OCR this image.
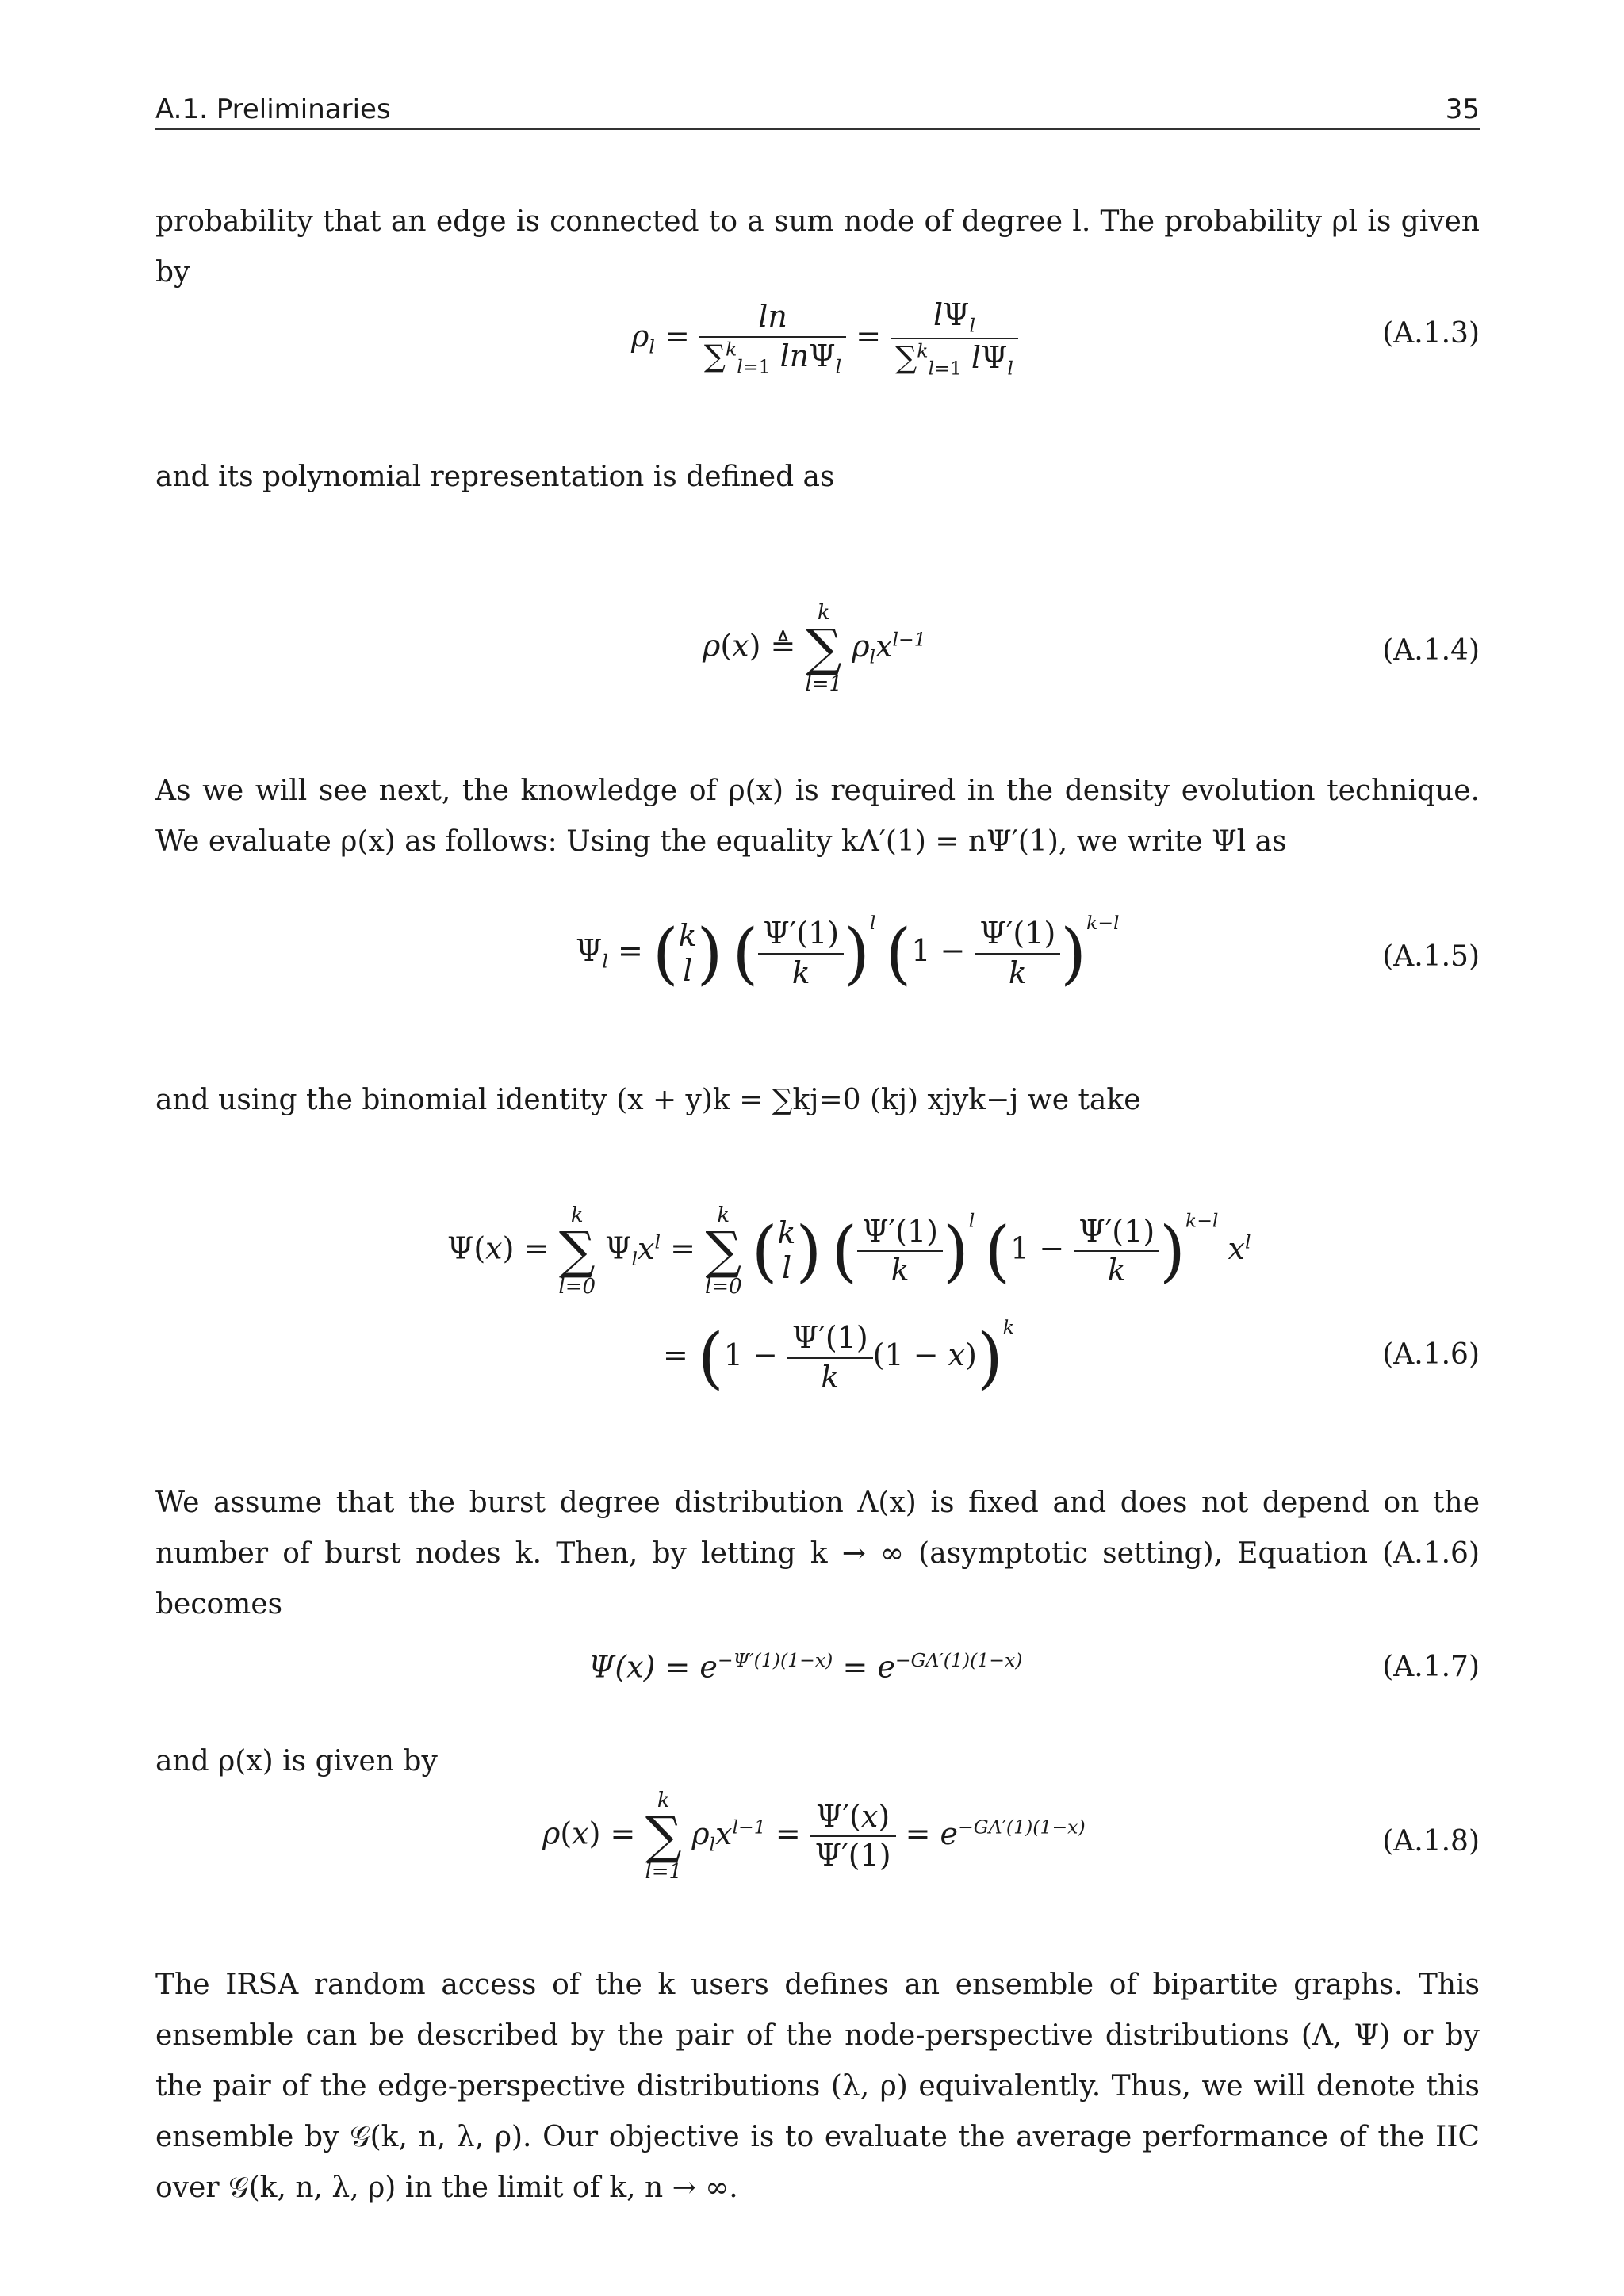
A.1. Preliminaries	35
probability that an edge is connected to a sum node of degree l. The probability ρl is given by
$\rho_l = \frac{\ln}{\sum^k_{l=1} \ln\Psi_l} = \frac{l\Psi_l}{\sum^k_{l=1} l\Psi_l}$	(A.1.3)
and its polynomial representation is defined as
ρ(x) ≜
k
∑
l=1
$\rho_lx^{l-1}$	(A.1.4)
As we will see next, the knowledge of ρ(x) is required in the density evolution technique. We evaluate ρ(x) as follows: Using the equality kΛ′(1) = nΨ′(1), we write Ψl as
$\Psi_l = (k$
l) ( $\frac{\Psi'(1)}{k} )^l$ $(1 - \frac{\Psi'(1)}{k} )^{k-l}$
(A.1.5)
and using the binomial identity (x + y)k = ∑kj=0 (kj) xjyk−j we take
Ψ(x) =
k
∑
l=0
$\Psi_lx^l$ =
k
∑
l=0 (k
l) ( $\frac{\Psi'(1)}{k} )^l$ $(1 - \frac{\Psi'(1)}{k} )^{k-l}$ $x^l$
= $(1 - \frac{\Psi'(1)}{k} (1 - x))^k$
(A.1.6)
We assume that the burst degree distribution Λ(x) is fixed and does not depend on the number of burst nodes k. Then, by letting k → ∞ (asymptotic setting), Equation (A.1.6) becomes
$\Psi(x) = e^{-\Psi'(1)(1-x)} = e^{-G\Lambda'(1)(1-x)}$	(A.1.7)
and ρ(x) is given by
ρ(x) =
k
∑
l=1
$\rho_lx^{l-1} = \frac{\Psi'(x)}{\Psi'(1)} = e^{-G\Lambda'(1)(1-x)}$	(A.1.8)
The IRSA random access of the k users defines an ensemble of bipartite graphs. This ensemble can be described by the pair of the node-perspective distributions (Λ, Ψ) or by the pair of the edge-perspective distributions (λ, ρ) equivalently. Thus, we will denote this ensemble by 𝒢(k, n, λ, ρ). Our objective is to evaluate the average performance of the IIC over 𝒢(k, n, λ, ρ) in the limit of k, n → ∞.
